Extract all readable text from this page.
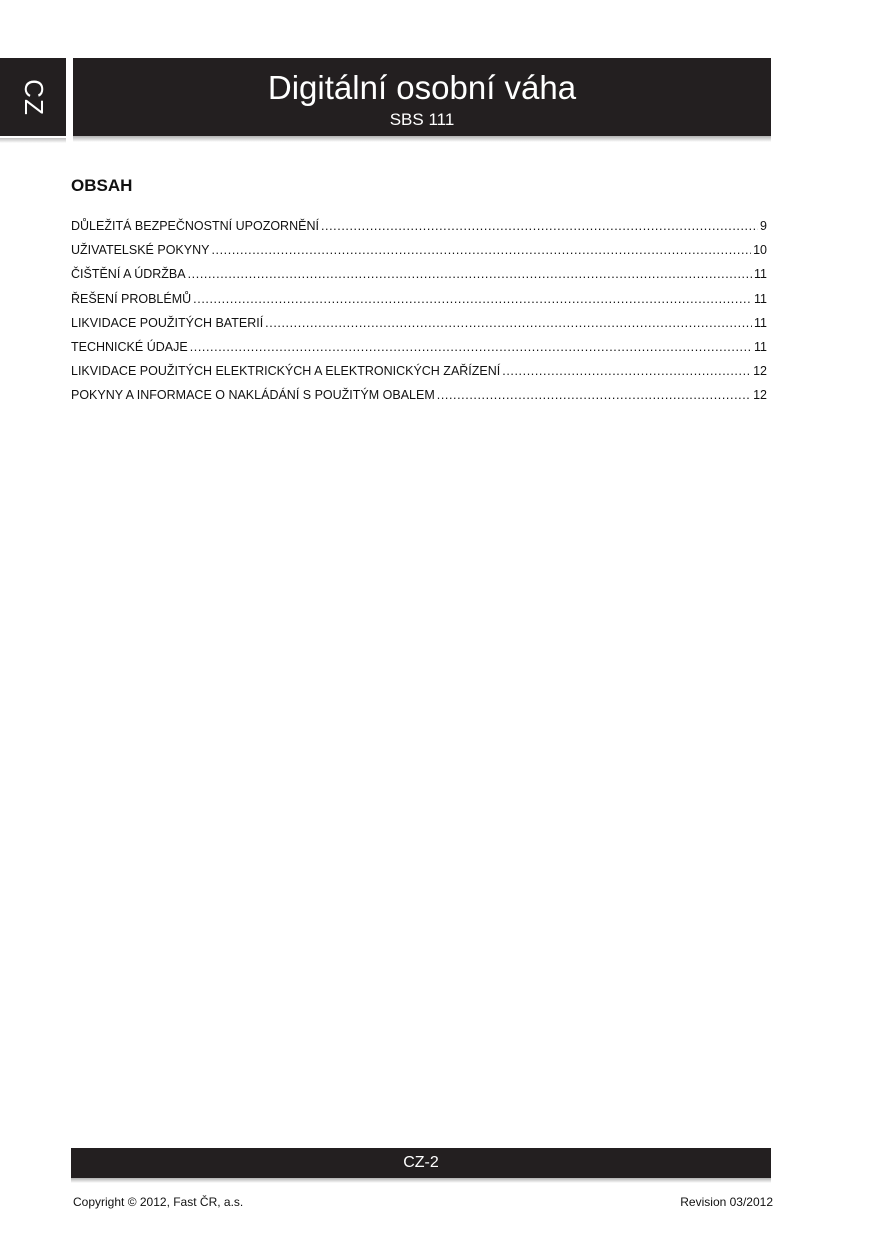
CZ	Digitální osobní váha
SBS 111
OBSAH
DŮLEŽITÁ BEZPEČNOSTNÍ UPOZORNĚNÍ .....	9
UŽIVATELSKÉ POKYNY .....	10
ČIŠTĚNÍ A ÚDRŽBA .....	11
ŘEŠENÍ PROBLÉMŮ .....	11
LIKVIDACE POUŽITÝCH BATERIÍ .....	11
TECHNICKÉ ÚDAJE .....	11
LIKVIDACE POUŽITÝCH ELEKTRICKÝCH A ELEKTRONICKÝCH ZAŘÍZENÍ .....	12
POKYNY A INFORMACE O NAKLÁDÁNÍ S POUŽITÝM OBALEM .....	12
CZ-2
Copyright © 2012, Fast ČR, a.s.	Revision 03/2012
